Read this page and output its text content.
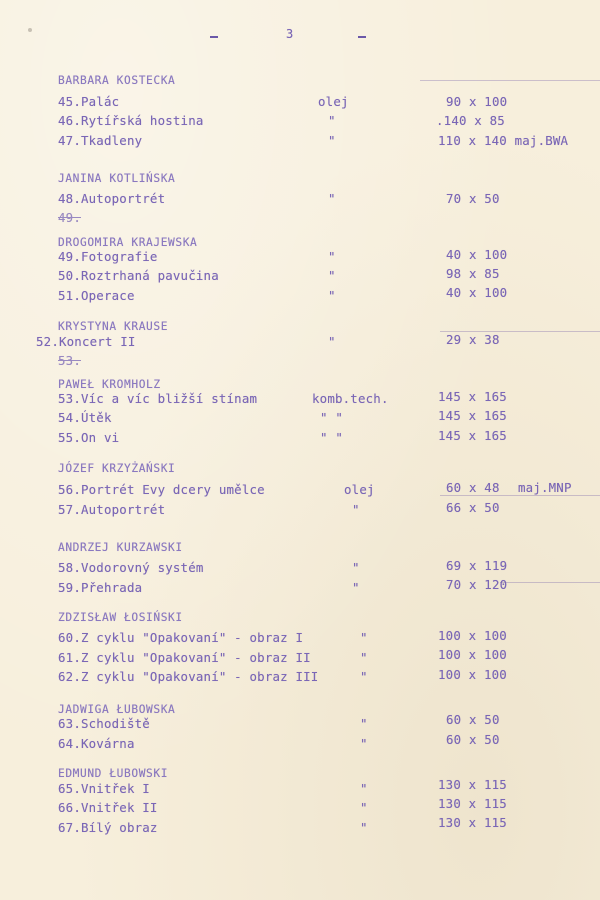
3
BARBARA KOSTECKA
45.Palác	olej	90 x 100
46.Rytířská hostina	"	.140 x 85
47.Tkadleny	"	110 x 140 maj.BWA
JANINA KOTLIŃSKA
48.Autoportrét	"	70 x 50
49.
DROGOMIRA KRAJEWSKA
49.Fotografie	"	40 x 100
50.Roztrhaná pavučina	"	98 x 85
51.Operace	"	40 x 100
KRYSTYNA KRAUSE
52.Koncert II	"	29 x 38
53.
PAWEŁ KROMHOLZ
53.Víc a víc bližší stínam	komb.tech.	145 x 165
54.Útěk	" "	145 x 165
55.On vi	" "	145 x 165
JÓZEF KRZYŻAŃSKI
56.Portrét Evy dcery umělce	olej	60 x 48 maj.MNP
57.Autoportrét	"	66 x 50
ANDRZEJ KURZAWSKI
58.Vodorovný systém	"	69 x 119
59.Přehrada	"	70 x 120
ZDZISŁAW ŁOSIŃSKI
60.Z cyklu "Opakovaní" - obraz I	"	100 x 100
61.Z cyklu "Opakovaní" - obraz II	"	100 x 100
62.Z cyklu "Opakovaní" - obraz III	"	100 x 100
JADWIGA ŁUBOWSKA
63.Schodiště	"	60 x 50
64.Kovárna	"	60 x 50
EDMUND ŁUBOWSKI
65.Vnitřek I	"	130 x 115
66.Vnitřek II	"	130 x 115
67.Bílý obraz	"	130 x 115
